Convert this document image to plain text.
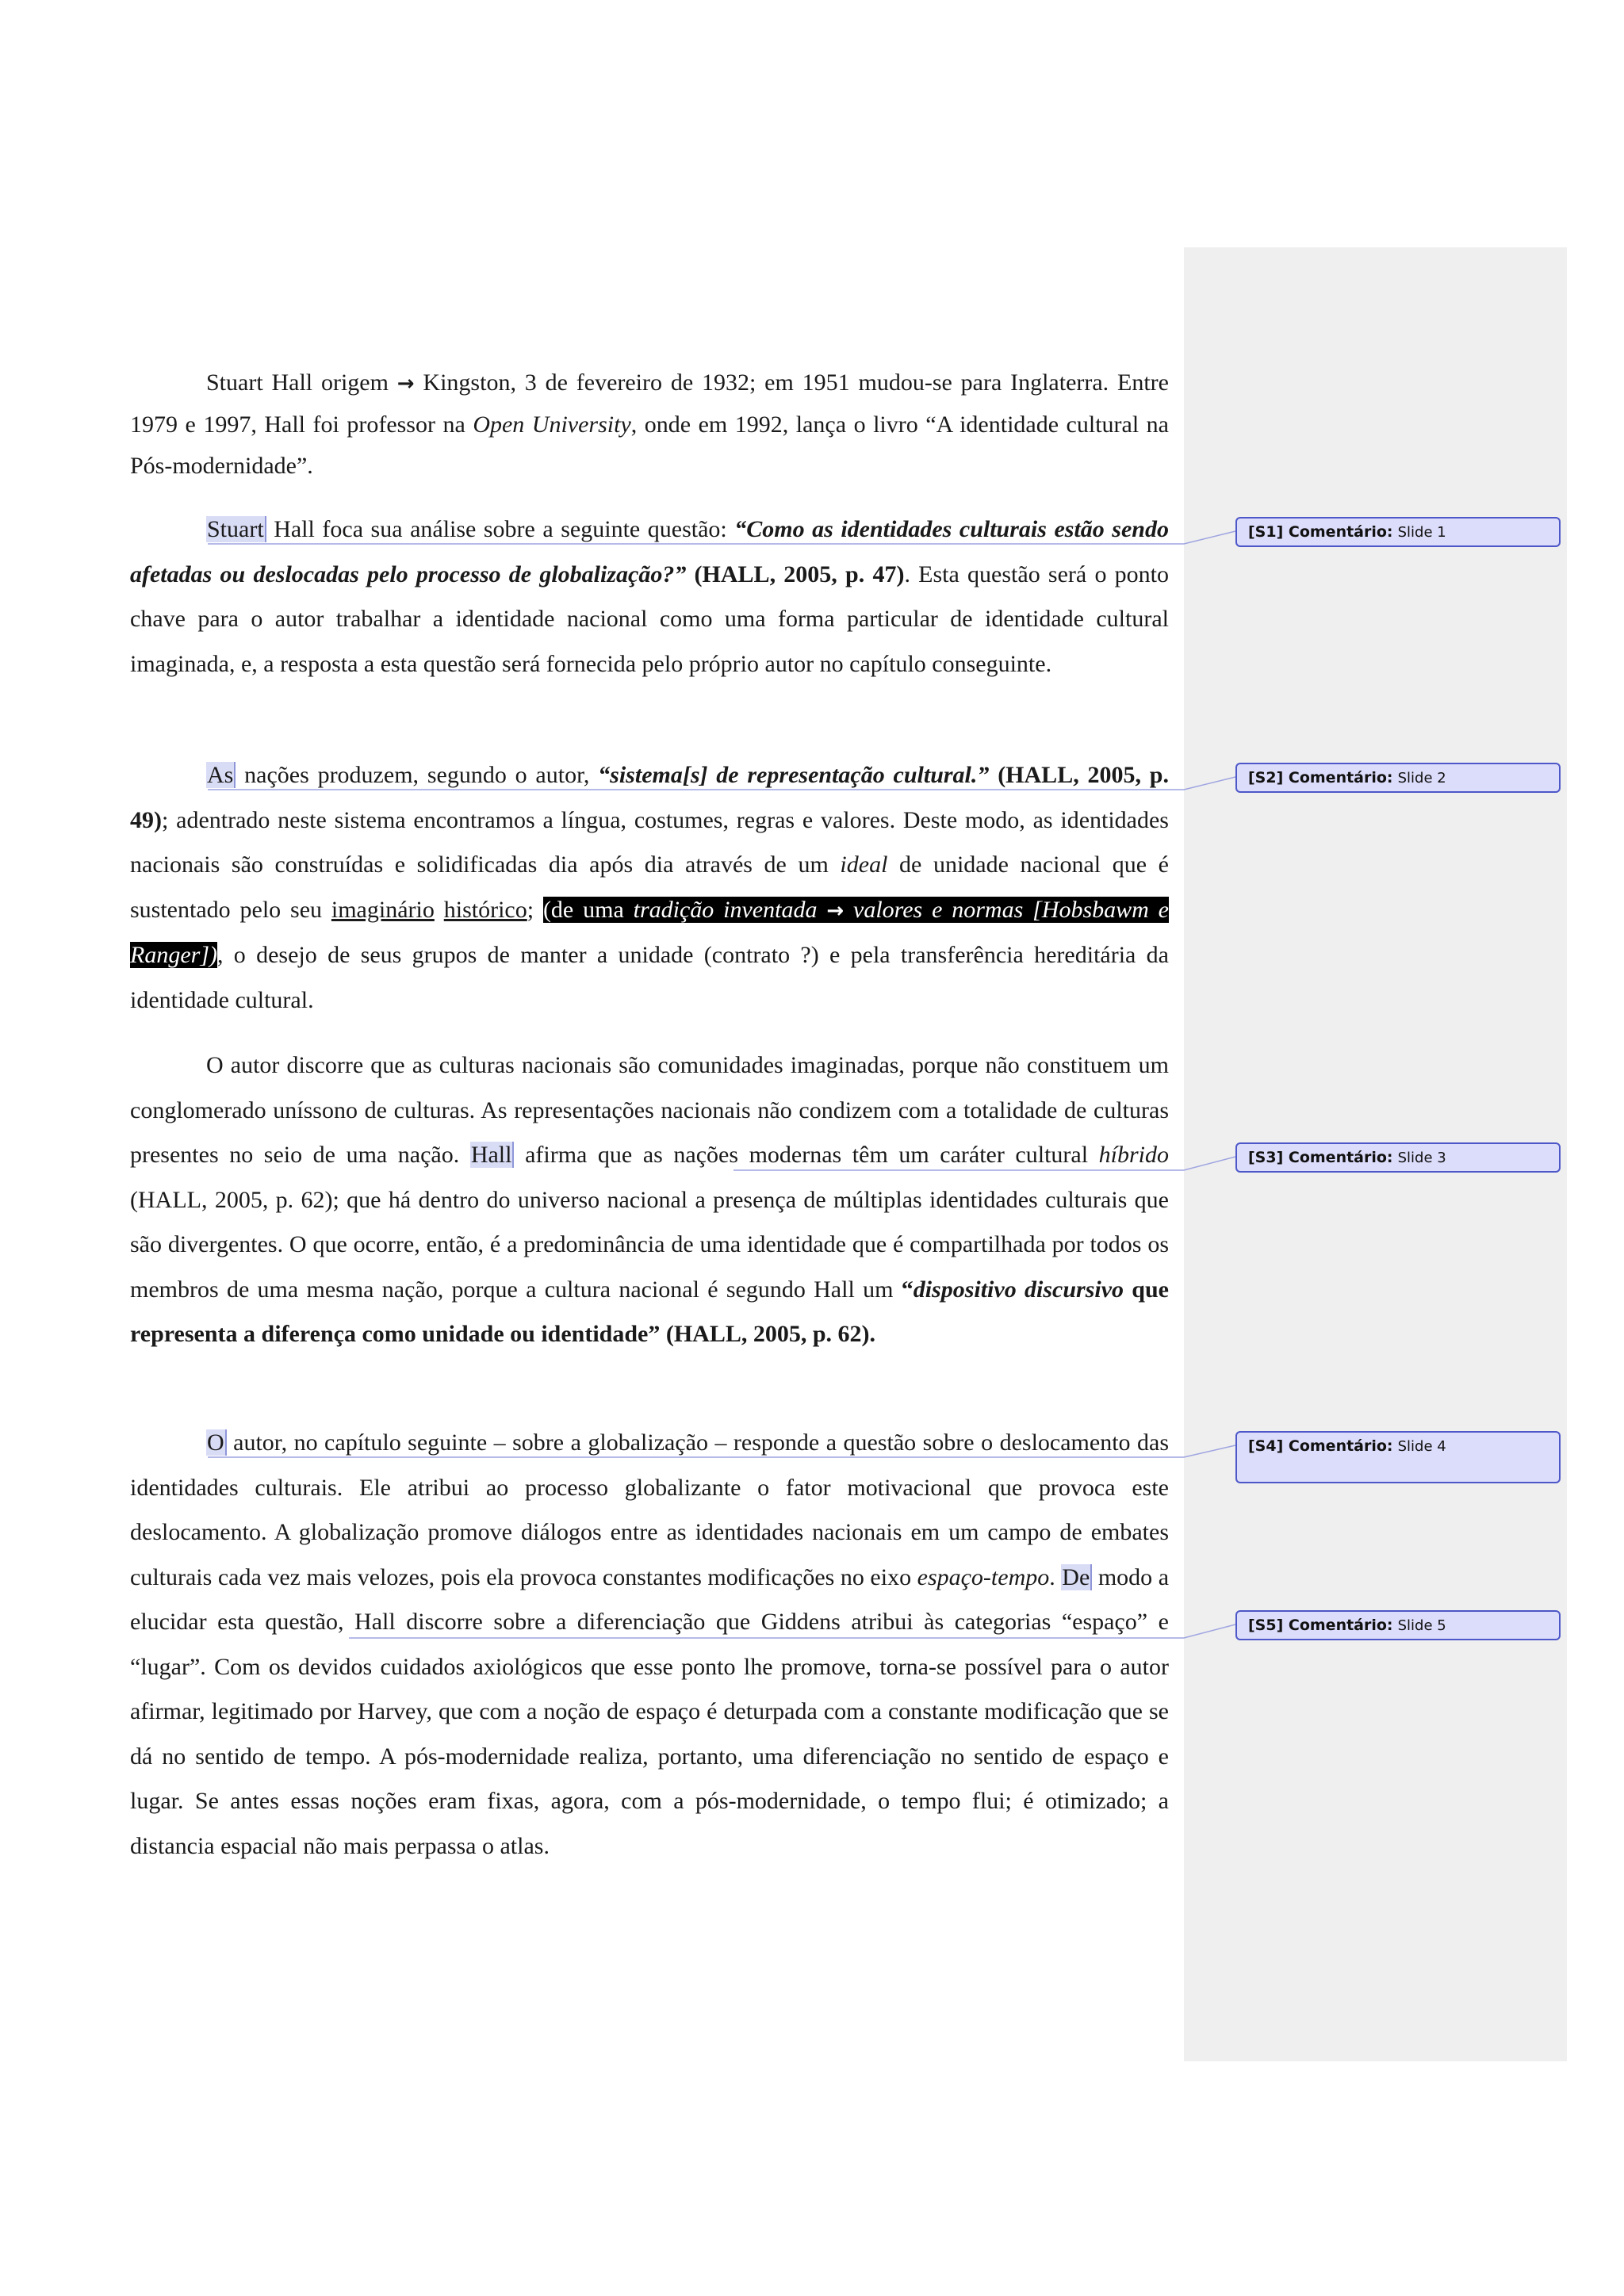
Stuart Hall origem → Kingston, 3 de fevereiro de 1932; em 1951 mudou-se para Inglaterra. Entre 1979 e 1997, Hall foi professor na Open University, onde em 1992, lança o livro “A identidade cultural na Pós-modernidade”.

Stuart Hall foca sua análise sobre a seguinte questão: “Como as identidades culturais estão sendo afetadas ou deslocadas pelo processo de globalização?” (HALL, 2005, p. 47). Esta questão será o ponto chave para o autor trabalhar a identidade nacional como uma forma particular de identidade cultural imaginada, e, a resposta a esta questão será fornecida pelo próprio autor no capítulo conseguinte.

As nações produzem, segundo o autor, “sistema[s] de representação cultural.” (HALL, 2005, p. 49); adentrado neste sistema encontramos a língua, costumes, regras e valores. Deste modo, as identidades nacionais são construídas e solidificadas dia após dia através de um ideal de unidade nacional que é sustentado pelo seu imaginário histórico; (de uma tradição inventada → valores e normas [Hobsbawm e Ranger]), o desejo de seus grupos de manter a unidade (contrato ?) e pela transferência hereditária da identidade cultural.

O autor discorre que as culturas nacionais são comunidades imaginadas, porque não constituem um conglomerado uníssono de culturas. As representações nacionais não condizem com a totalidade de culturas presentes no seio de uma nação. Hall afirma que as nações modernas têm um caráter cultural híbrido (HALL, 2005, p. 62); que há dentro do universo nacional a presença de múltiplas identidades culturais que são divergentes. O que ocorre, então, é a predominância de uma identidade que é compartilhada por todos os membros de uma mesma nação, porque a cultura nacional é segundo Hall um “dispositivo discursivo que representa a diferença como unidade ou identidade” (HALL, 2005, p. 62).

O autor, no capítulo seguinte – sobre a globalização – responde a questão sobre o deslocamento das identidades culturais. Ele atribui ao processo globalizante o fator motivacional que provoca este deslocamento. A globalização promove diálogos entre as identidades nacionais em um campo de embates culturais cada vez mais velozes, pois ela provoca constantes modificações no eixo espaço-tempo. De modo a elucidar esta questão, Hall discorre sobre a diferenciação que Giddens atribui às categorias “espaço” e “lugar”. Com os devidos cuidados axiológicos que esse ponto lhe promove, torna-se possível para o autor afirmar, legitimado por Harvey, que com a noção de espaço é deturpada com a constante modificação que se dá no sentido de tempo. A pós-modernidade realiza, portanto, uma diferenciação no sentido de espaço e lugar. Se antes essas noções eram fixas, agora, com a pós-modernidade, o tempo flui; é otimizado; a distancia espacial não mais perpassa o atlas.

[S1] Comentário: Slide 1
[S2] Comentário: Slide 2
[S3] Comentário: Slide 3
[S4] Comentário: Slide 4
[S5] Comentário: Slide 5
